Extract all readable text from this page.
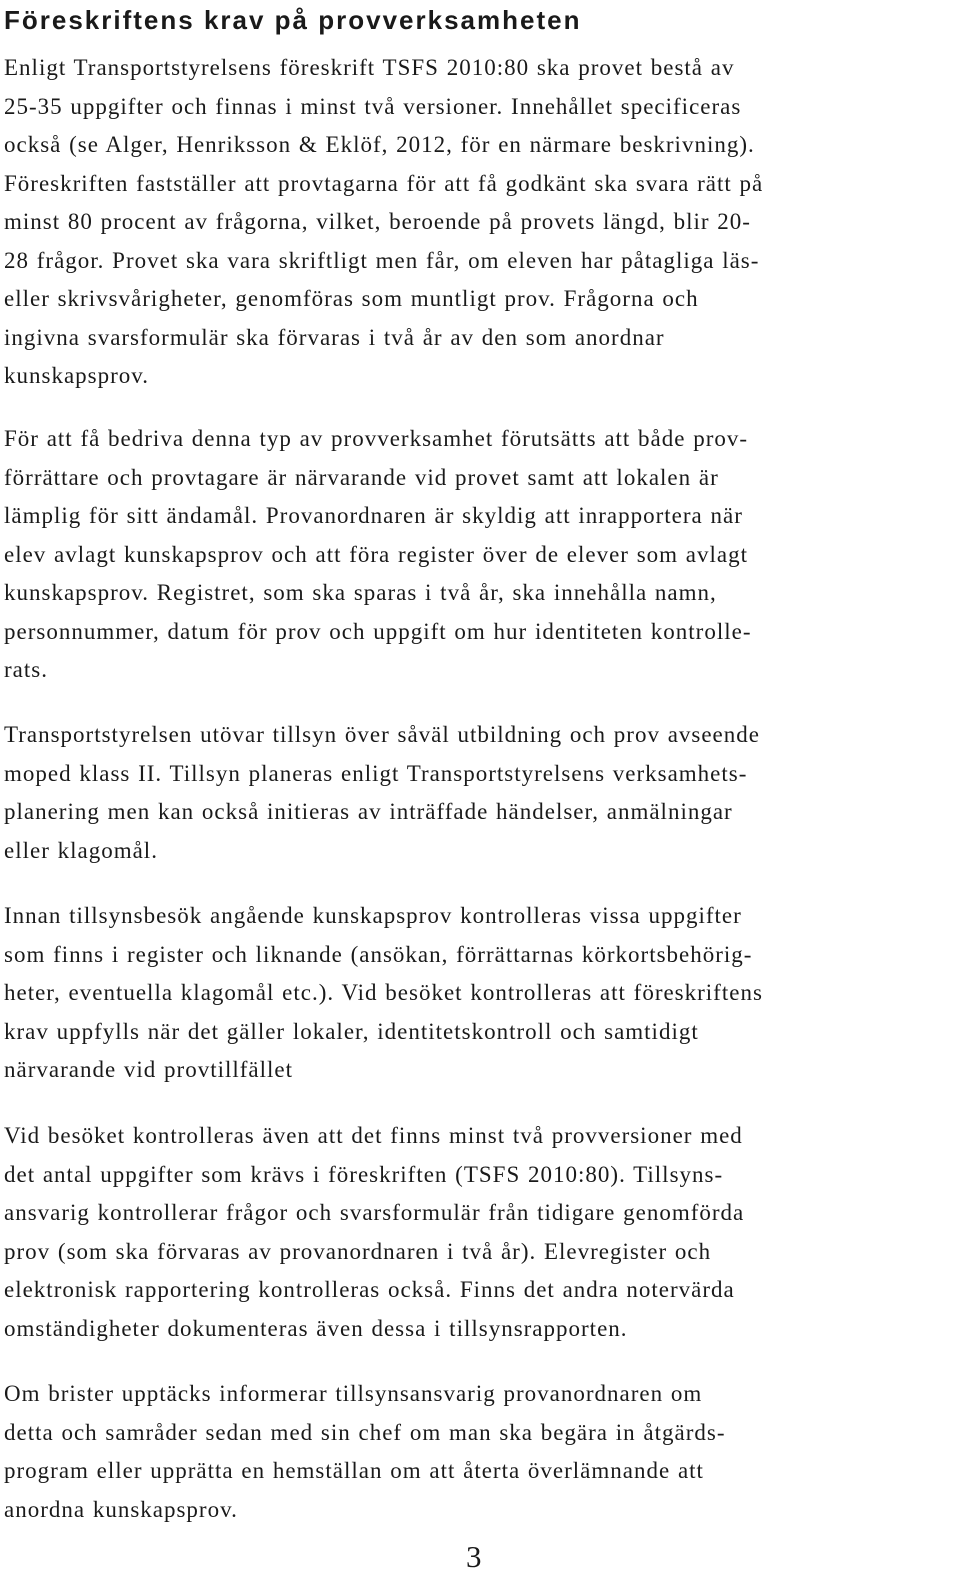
Föreskriftens krav på provverksamheten
Enligt Transportstyrelsens föreskrift TSFS 2010:80 ska provet bestå av
25-35 uppgifter och finnas i minst två versioner. Innehållet specificeras
också (se Alger, Henriksson & Eklöf, 2012, för en närmare beskrivning).
Föreskriften fastställer att provtagarna för att få godkänt ska svara rätt på
minst 80 procent av frågorna, vilket, beroende på provets längd, blir 20-
28 frågor. Provet ska vara skriftligt men får, om eleven har påtagliga läs-
eller skrivsvårigheter, genomföras som muntligt prov. Frågorna och
ingivna svarsformulär ska förvaras i två år av den som anordnar
kunskapsprov.
För att få bedriva denna typ av provverksamhet förutsätts att både prov-
förrättare och provtagare är närvarande vid provet samt att lokalen är
lämplig för sitt ändamål. Provanordnaren är skyldig att inrapportera när
elev avlagt kunskapsprov och att föra register över de elever som avlagt
kunskapsprov. Registret, som ska sparas i två år, ska innehålla namn,
personnummer, datum för prov och uppgift om hur identiteten kontrolle-
rats.
Transportstyrelsen utövar tillsyn över såväl utbildning och prov avseende
moped klass II. Tillsyn planeras enligt Transportstyrelsens verksamhets-
planering men kan också initieras av inträffade händelser, anmälningar
eller klagomål.
Innan tillsynsbesök angående kunskapsprov kontrolleras vissa uppgifter
som finns i register och liknande (ansökan, förrättarnas körkortsbehörig-
heter, eventuella klagomål etc.). Vid besöket kontrolleras att föreskriftens
krav uppfylls när det gäller lokaler, identitetskontroll och samtidigt
närvarande vid provtillfället
Vid besöket kontrolleras även att det finns minst två provversioner med
det antal uppgifter som krävs i föreskriften (TSFS 2010:80). Tillsyns-
ansvarig kontrollerar frågor och svarsformulär från tidigare genomförda
prov (som ska förvaras av provanordnaren i två år). Elevregister och
elektronisk rapportering kontrolleras också. Finns det andra notervärda
omständigheter dokumenteras även dessa i tillsynsrapporten.
Om brister upptäcks informerar tillsynsansvarig provanordnaren om
detta och samråder sedan med sin chef om man ska begära in åtgärds-
program eller upprätta en hemställan om att återta överlämnande att
anordna kunskapsprov.
3
